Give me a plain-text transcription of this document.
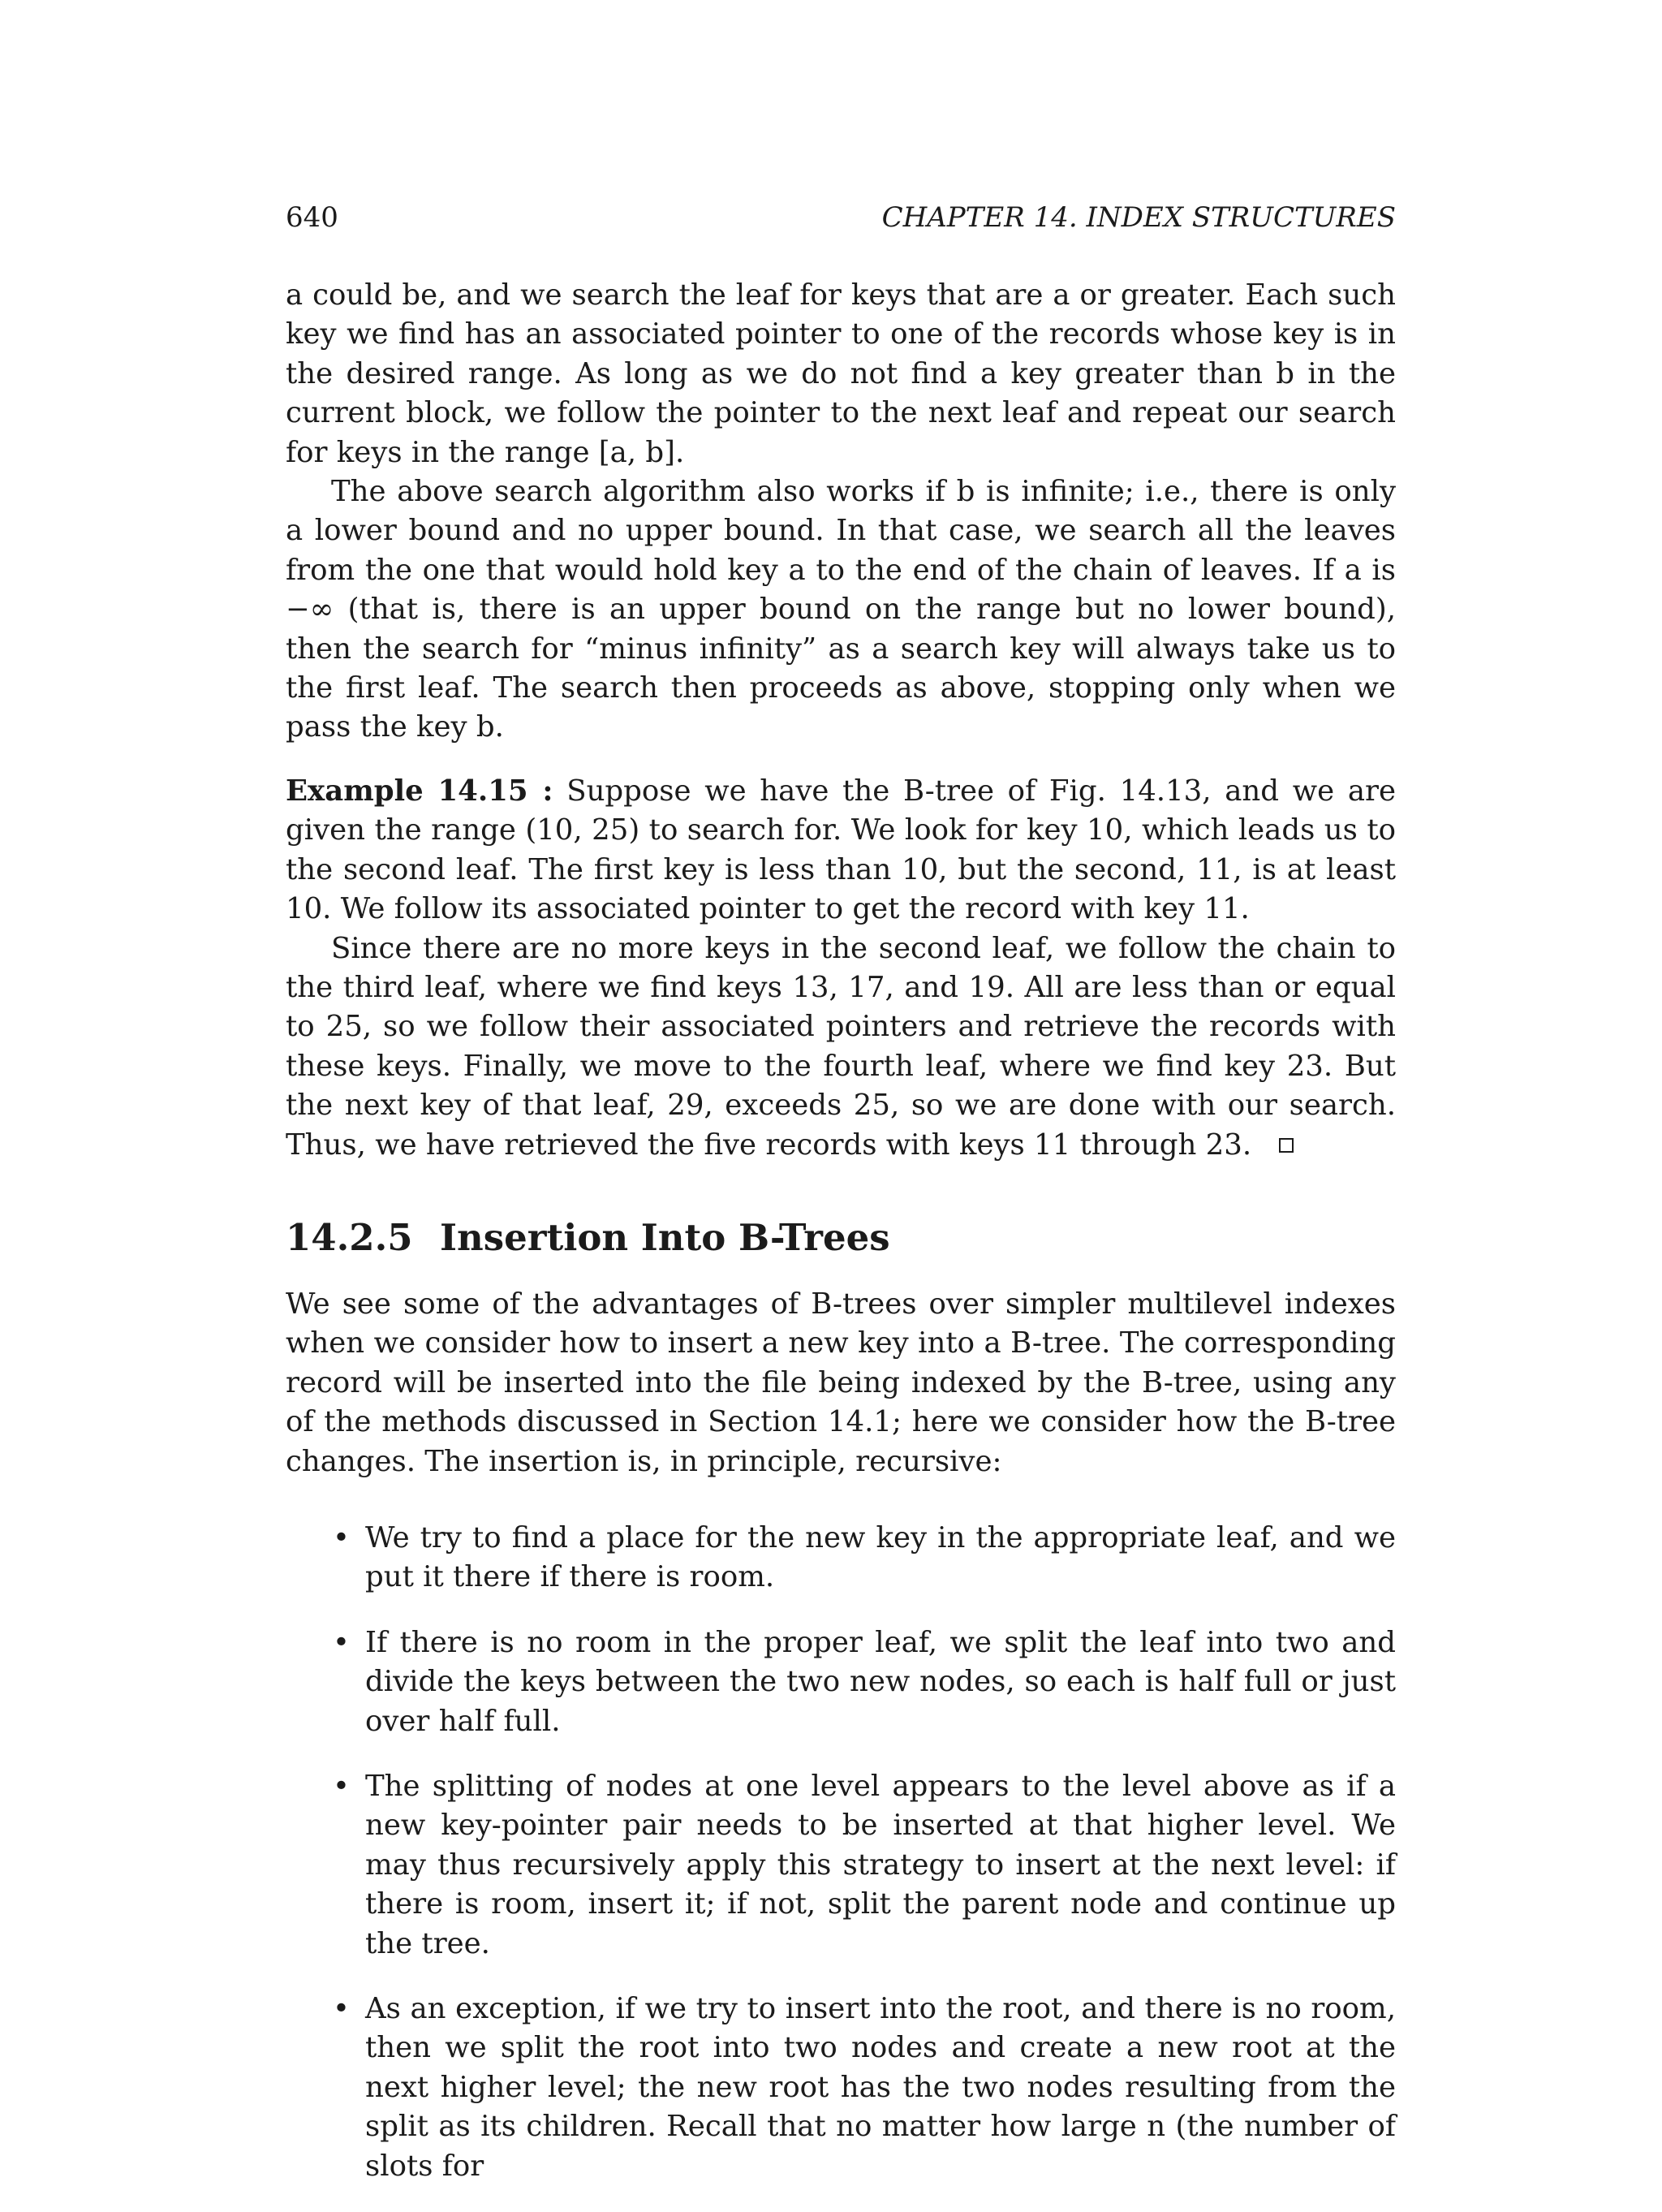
640	CHAPTER 14. INDEX STRUCTURES

a could be, and we search the leaf for keys that are a or greater. Each such key we find has an associated pointer to one of the records whose key is in the desired range. As long as we do not find a key greater than b in the current block, we follow the pointer to the next leaf and repeat our search for keys in the range [a, b].

The above search algorithm also works if b is infinite; i.e., there is only a lower bound and no upper bound. In that case, we search all the leaves from the one that would hold key a to the end of the chain of leaves. If a is −∞ (that is, there is an upper bound on the range but no lower bound), then the search for “minus infinity” as a search key will always take us to the first leaf. The search then proceeds as above, stopping only when we pass the key b.

Example 14.15 : Suppose we have the B-tree of Fig. 14.13, and we are given the range (10, 25) to search for. We look for key 10, which leads us to the second leaf. The first key is less than 10, but the second, 11, is at least 10. We follow its associated pointer to get the record with key 11.

Since there are no more keys in the second leaf, we follow the chain to the third leaf, where we find keys 13, 17, and 19. All are less than or equal to 25, so we follow their associated pointers and retrieve the records with these keys. Finally, we move to the fourth leaf, where we find key 23. But the next key of that leaf, 29, exceeds 25, so we are done with our search. Thus, we have retrieved the five records with keys 11 through 23.

14.2.5 Insertion Into B-Trees

We see some of the advantages of B-trees over simpler multilevel indexes when we consider how to insert a new key into a B-tree. The corresponding record will be inserted into the file being indexed by the B-tree, using any of the methods discussed in Section 14.1; here we consider how the B-tree changes. The insertion is, in principle, recursive:

• We try to find a place for the new key in the appropriate leaf, and we put it there if there is room.
• If there is no room in the proper leaf, we split the leaf into two and divide the keys between the two new nodes, so each is half full or just over half full.
• The splitting of nodes at one level appears to the level above as if a new key-pointer pair needs to be inserted at that higher level. We may thus recursively apply this strategy to insert at the next level: if there is room, insert it; if not, split the parent node and continue up the tree.
• As an exception, if we try to insert into the root, and there is no room, then we split the root into two nodes and create a new root at the next higher level; the new root has the two nodes resulting from the split as its children. Recall that no matter how large n (the number of slots for
